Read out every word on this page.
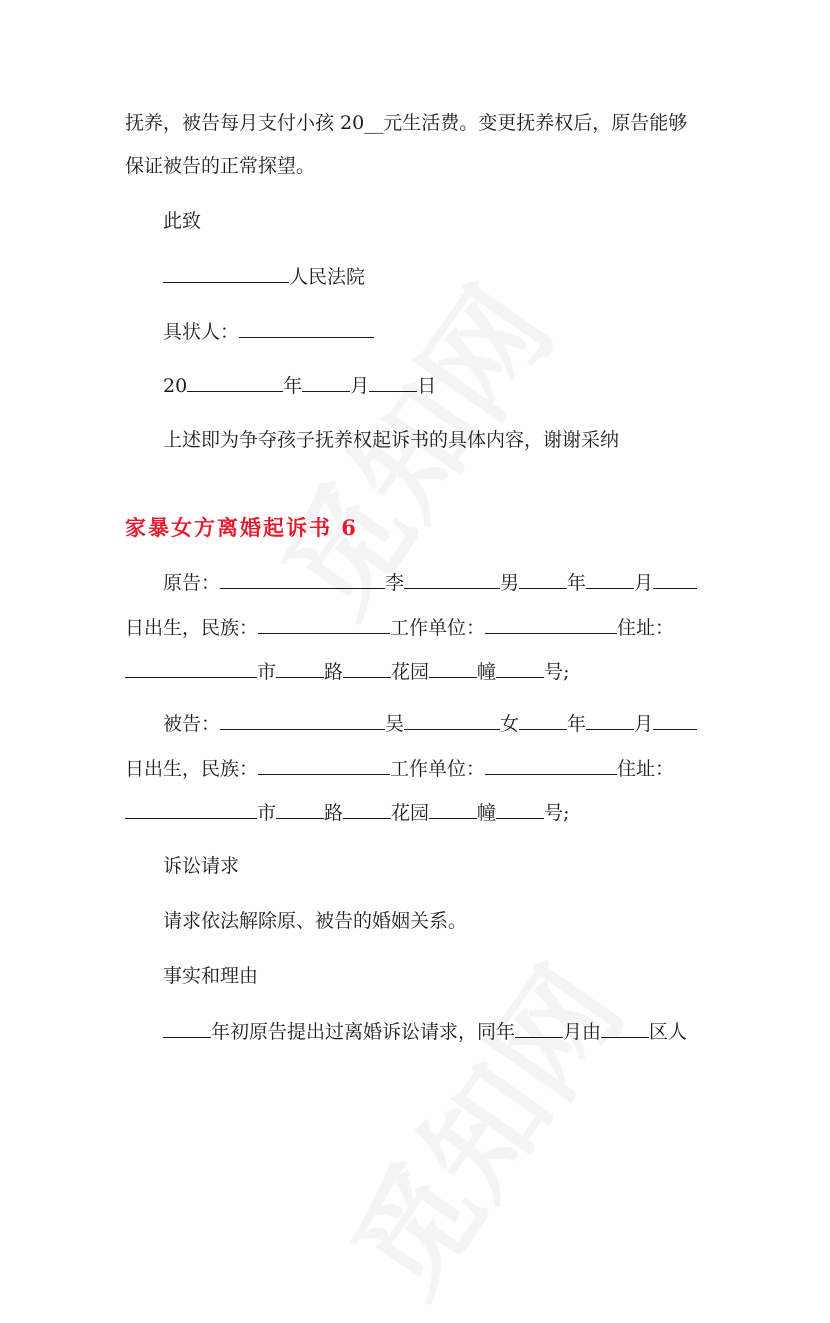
抚养，被告每月支付小孩 20__元生活费。变更抚养权后，原告能够
保证被告的正常探望。
此致
人民法院
具状人：
20	年	月	日
上述即为争夺孩子抚养权起诉书的具体内容，谢谢采纳
家暴女方离婚起诉书 6
原告：	李	男	年	月
日出生，民族：	工作单位：	住址：
市	路	花园	幢	号;
被告：	吴	女	年	月
日出生，民族：	工作单位：	住址：
市	路	花园	幢	号;
诉讼请求
请求依法解除原、被告的婚姻关系。
事实和理由
年初原告提出过离婚诉讼请求，同年	月由	区人
